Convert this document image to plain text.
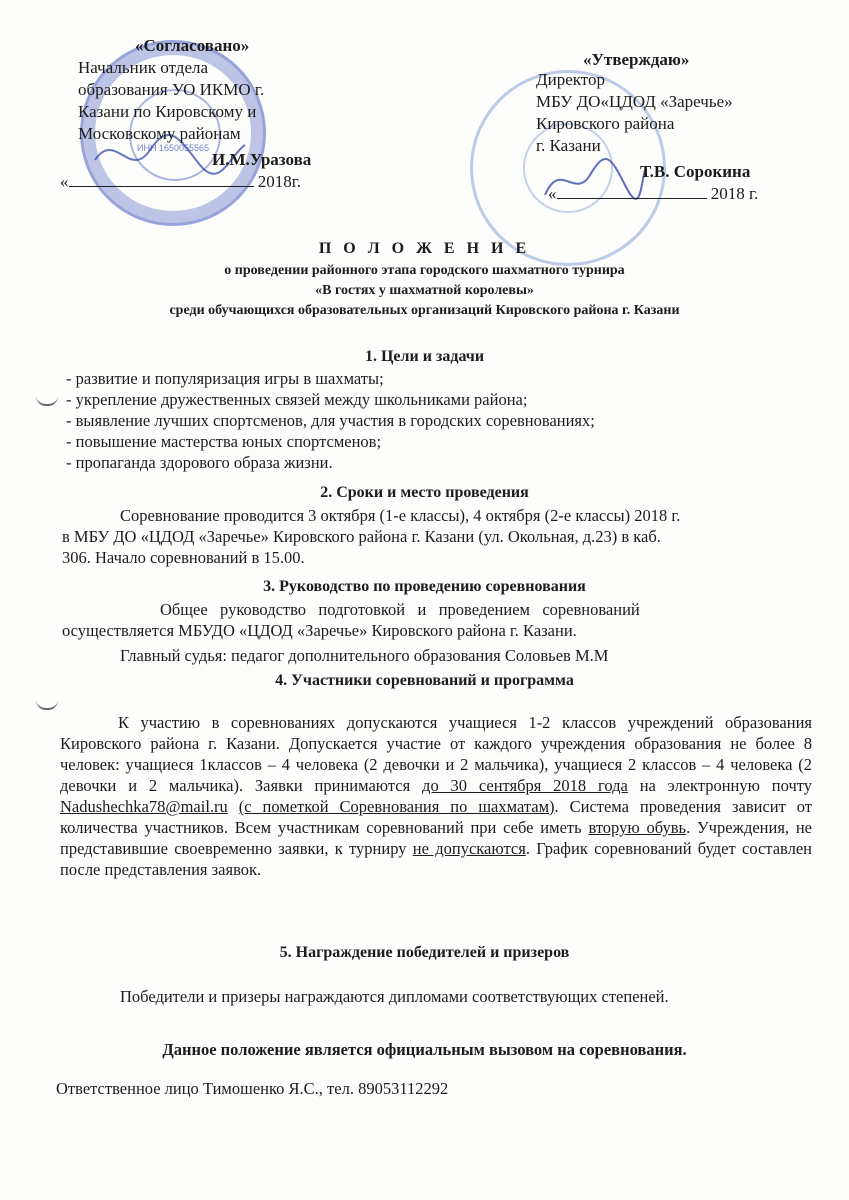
ИНН 1650055565
«Согласовано»
Начальник отдела
образования УО ИКМО г.
Казани по Кировскому и
Московскому районам
И.М.Уразова
«	2018г.
«Утверждаю»
Директор
МБУ ДО«ЦДОД «Заречье»
Кировского района
г. Казани
Т.В. Сорокина
«	2018 г.
П О Л О Ж Е Н И Е
о проведении районного этапа городского шахматного турнира
«В гостях у шахматной королевы»
среди обучающихся образовательных организаций Кировского района г. Казани
1. Цели и задачи
- развитие и популяризация игры в шахматы;
- укрепление дружественных связей между школьниками района;
- выявление лучших спортсменов, для участия в городских соревнованиях;
- повышение мастерства юных спортсменов;
- пропаганда здорового образа жизни.
2. Сроки и место проведения
Соревнование проводится 3 октября (1-е классы), 4 октября (2-е классы) 2018 г.
в МБУ ДО «ЦДОД «Заречье» Кировского района г. Казани (ул. Окольная, д.23) в каб.
306. Начало соревнований в 15.00.
3. Руководство по проведению соревнования
Общее   руководство   подготовкой   и   проведением   соревнований
осуществляется МБУДО «ЦДОД «Заречье» Кировского района г. Казани.
Главный судья: педагог дополнительного образования Соловьев М.М
4. Участники соревнований и программа
К участию в соревнованиях допускаются учащиеся 1-2 классов учреждений образования Кировского района г. Казани. Допускается участие от каждого учреждения образования не более 8 человек: учащиеся 1классов – 4 человека (2 девочки и 2 мальчика), учащиеся 2 классов – 4 человека (2 девочки и 2 мальчика). Заявки принимаются до 30 сентября 2018 года на электронную почту Nadushechka78@mail.ru (с пометкой Соревнования по шахматам). Система проведения зависит от количества участников. Всем участникам соревнований при себе иметь вторую обувь. Учреждения, не представившие своевременно заявки, к турниру не допускаются. График соревнований будет составлен после представления заявок.
5. Награждение победителей и призеров
Победители и призеры награждаются дипломами соответствующих степеней.
Данное положение является официальным вызовом на соревнования.
Ответственное лицо Тимошенко Я.С., тел. 89053112292
